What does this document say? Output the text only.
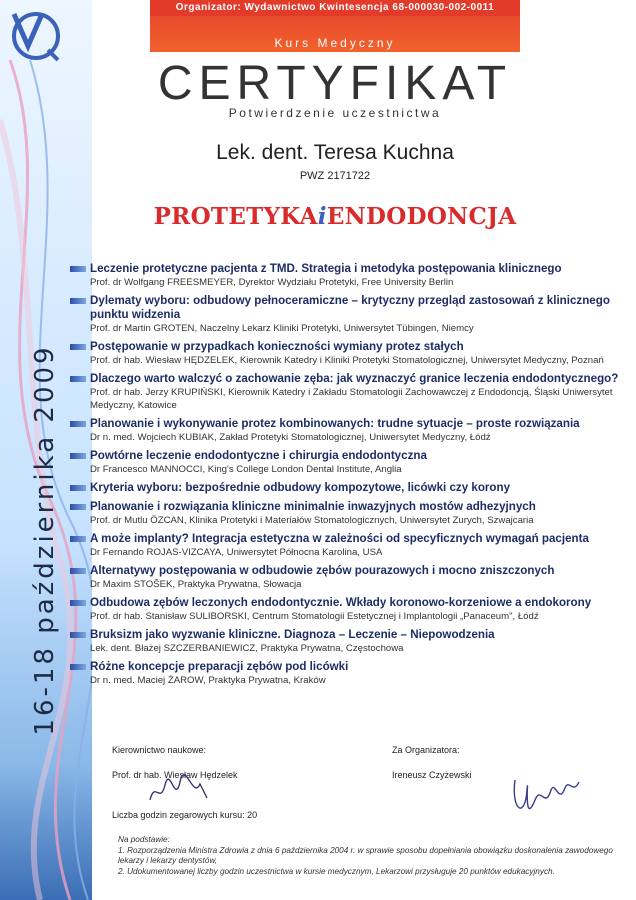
16-18 października 2009
Organizator: Wydawnictwo Kwintesencja 68-000030-002-0011
Kurs Medyczny
CERTYFIKAT
Potwierdzenie uczestnictwa
Lek. dent. Teresa Kuchna
PWZ 2171722
PROTETYKAiENDODONCJA
Leczenie protetyczne pacjenta z TMD. Strategia i metodyka postępowania klinicznego
Prof. dr Wolfgang FREESMEYER, Dyrektor Wydziału Protetyki, Free University Berlin
Dylematy wyboru: odbudowy pełnoceramiczne – krytyczny przegląd zastosowań z klinicznego punktu widzenia
Prof. dr Martin GROTEN, Naczelny Lekarz Kliniki Protetyki, Uniwersytet Tübingen, Niemcy
Postępowanie w przypadkach konieczności wymiany protez stałych
Prof. dr hab. Wiesław HĘDZELEK, Kierownik Katedry i Kliniki Protetyki Stomatologicznej, Uniwersytet Medyczny, Poznań
Dlaczego warto walczyć o zachowanie zęba: jak wyznaczyć granice leczenia endodontycznego?
Prof. dr hab. Jerzy KRUPIŃSKI, Kierownik Katedry i Zakładu Stomatologii Zachowawczej z Endodoncją, Śląski Uniwersytet Medyczny, Katowice
Planowanie i wykonywanie protez kombinowanych: trudne sytuacje – proste rozwiązania
Dr n. med. Wojciech KUBIAK, Zakład Protetyki Stomatologicznej, Uniwersytet Medyczny, Łódź
Powtórne leczenie endodontyczne i chirurgia endodontyczna
Dr Francesco MANNOCCI, King's College London Dental Institute, Anglia
Kryteria wyboru: bezpośrednie odbudowy kompozytowe, licówki czy korony
Planowanie i rozwiązania kliniczne minimalnie inwazyjnych mostów adhezyjnych
Prof. dr Mutlu ÖZCAN, Klinika Protetyki i Materiałów Stomatologicznych, Uniwersytet Zurych, Szwajcaria
A może implanty? Integracja estetyczna w zależności od specyficznych wymagań pacjenta
Dr Fernando ROJAS-VIZCAYA, Uniwersytet Północna Karolina, USA
Alternatywy postępowania w odbudowie zębów pourazowych i mocno zniszczonych
Dr Maxim STOŠEK, Praktyka Prywatna, Słowacja
Odbudowa zębów leczonych endodontycznie. Wkłady koronowo-korzeniowe a endokorony
Prof. dr hab. Stanisław SULIBORSKI, Centrum Stomatologii Estetycznej i Implantologii „Panaceum", Łódź
Bruksizm jako wyzwanie kliniczne. Diagnoza – Leczenie – Niepowodzenia
Lek. dent. Błażej SZCZERBANIEWICZ, Praktyka Prywatna, Częstochowa
Różne koncepcje preparacji zębów pod licówki
Dr n. med. Maciej ŻAROW, Praktyka Prywatna, Kraków
Kierownictwo naukowe:
Prof. dr hab. Wiesław Hędzelek
Za Organizatora:
Ireneusz Czyżewski
Liczba godzin zegarowych kursu: 20
Na podstawie:
1. Rozporządzenia Ministra Zdrowia z dnia 6 października 2004 r. w sprawie sposobu dopełniania obowiązku doskonalenia zawodowego lekarzy i lekarzy dentystów,
2. Udokumentowanej liczby godzin uczestnictwa w kursie medycznym, Lekarzowi przysługuje 20 punktów edukacyjnych.
